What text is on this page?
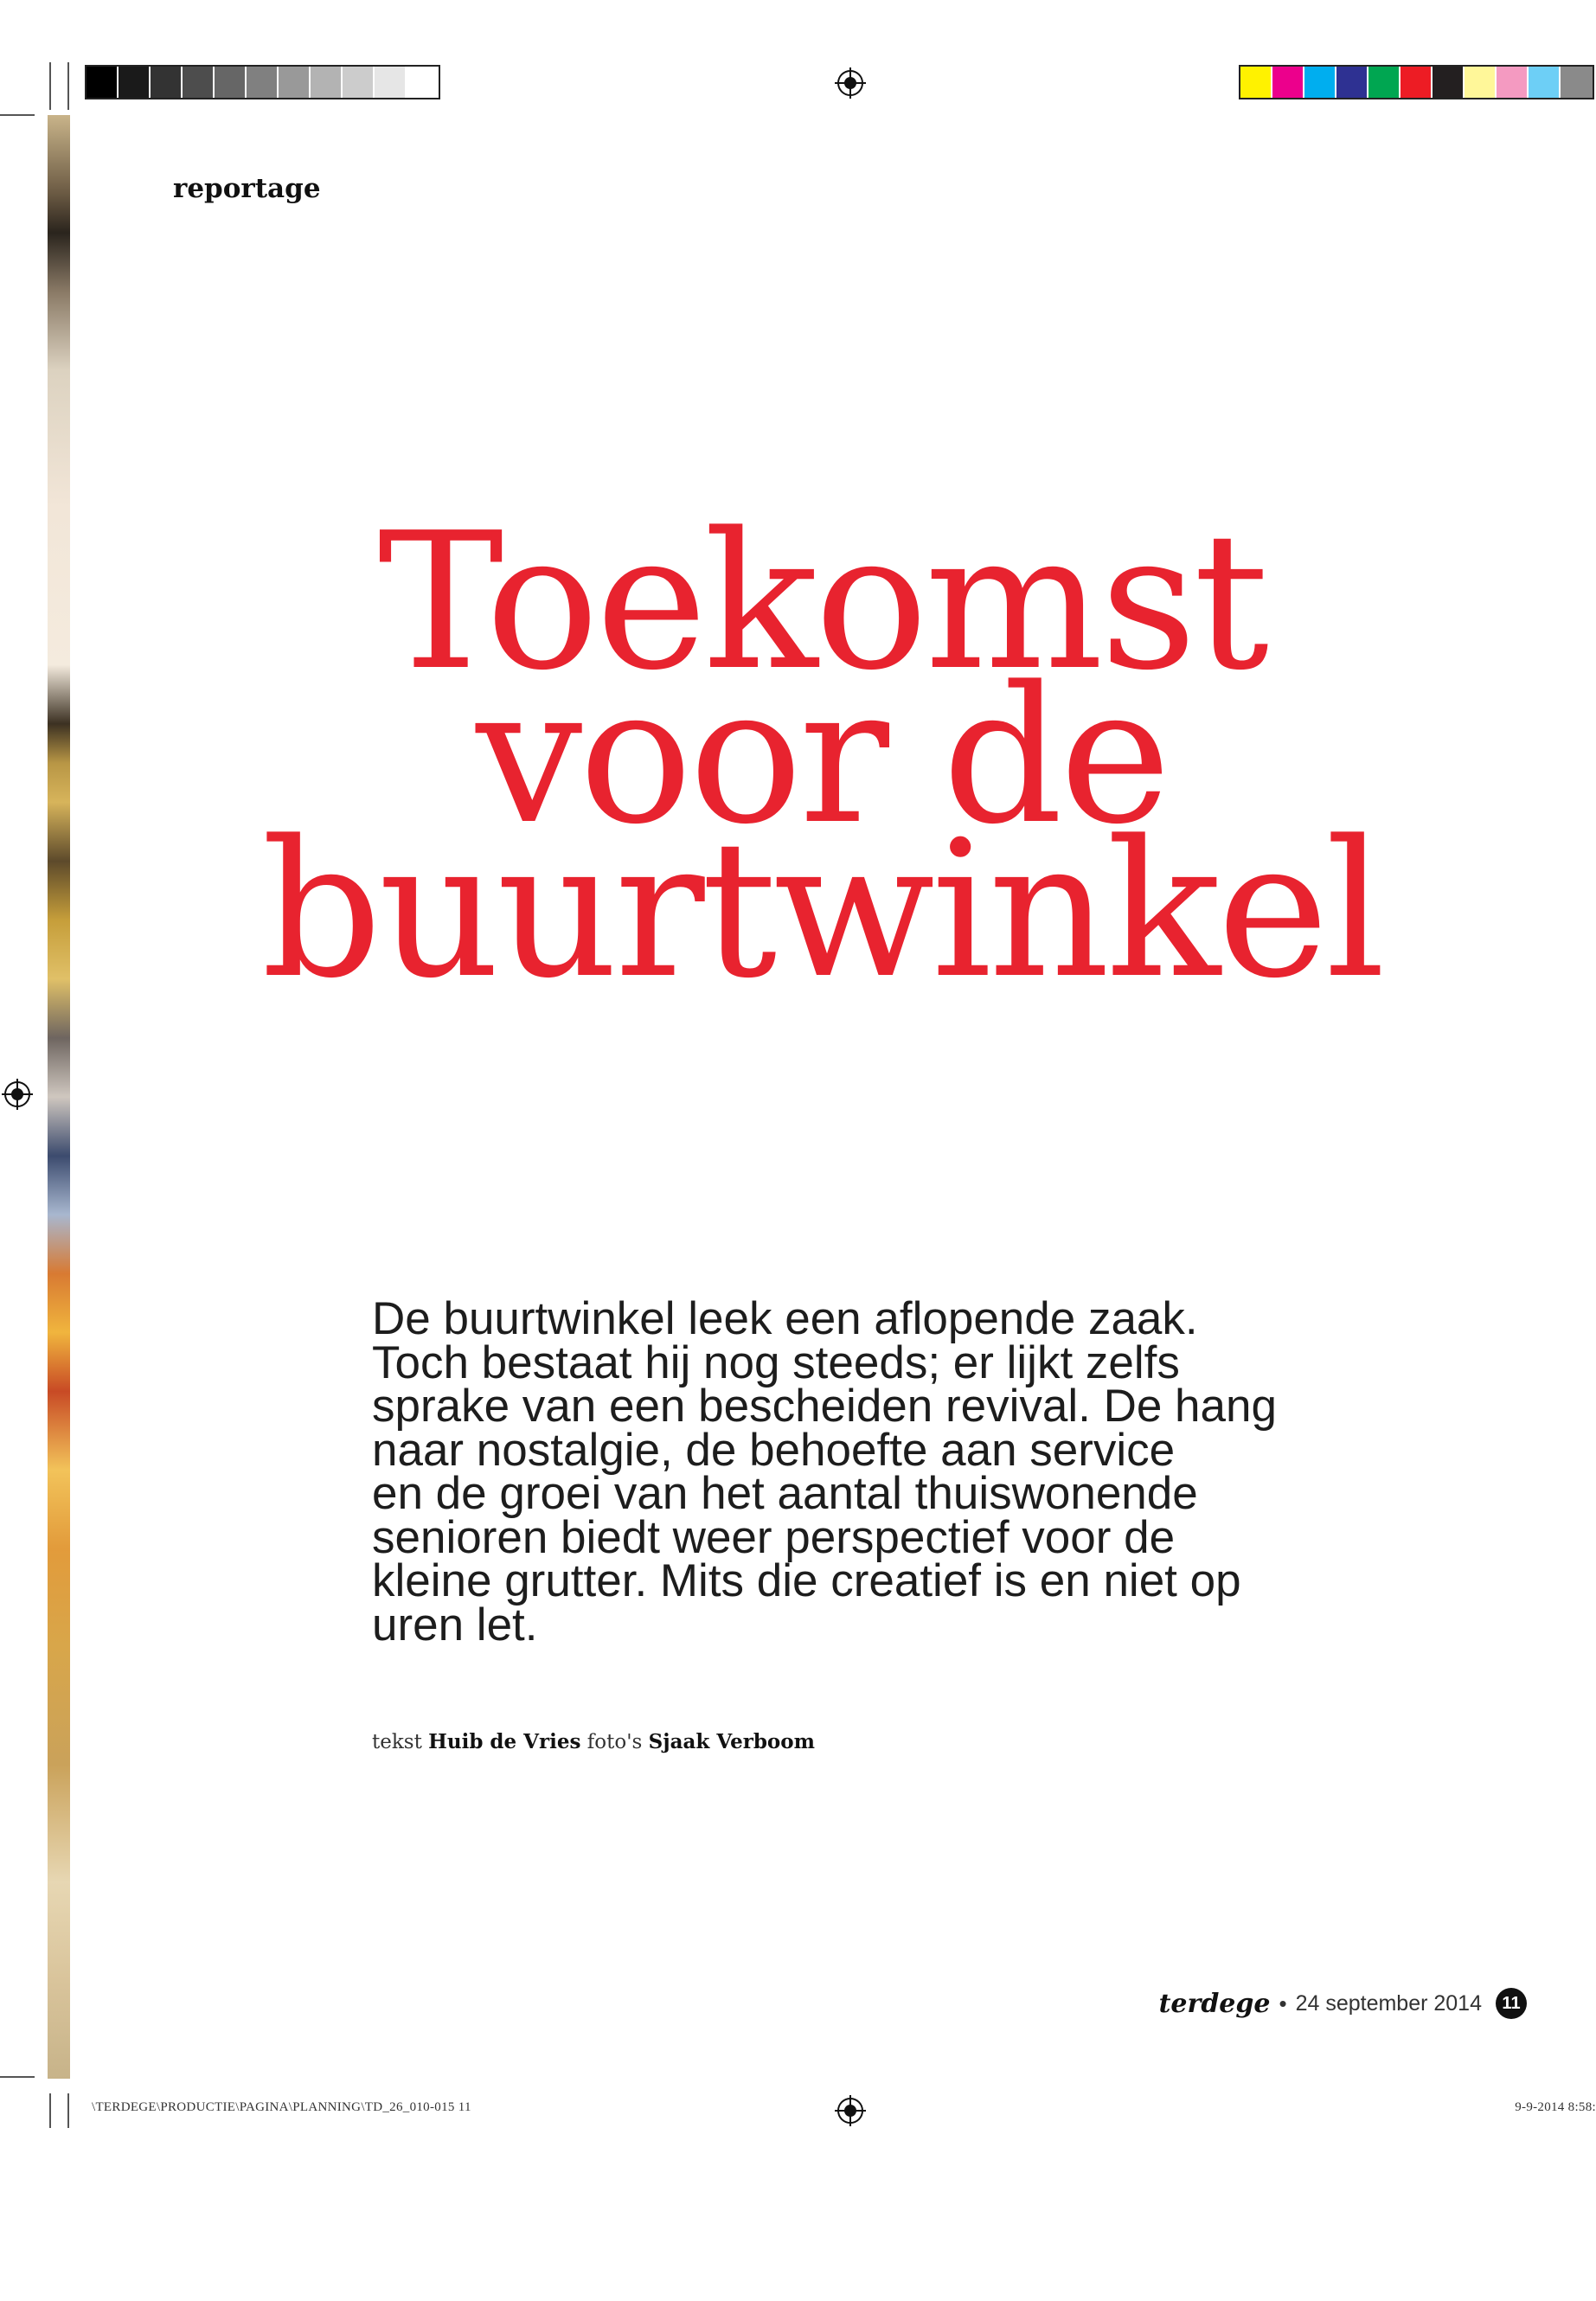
reportage
Toekomst
voor de
buurtwinkel
De buurtwinkel leek een aflopende zaak.
Toch bestaat hij nog steeds; er lijkt zelfs
sprake van een bescheiden revival. De hang
naar nostalgie, de behoefte aan service
en de groei van het aantal thuiswonende
senioren biedt weer perspectief voor de
kleine grutter. Mits die creatief is en niet op
uren let.
tekst Huib de Vries foto's Sjaak Verboom
terdege • 24 september 2014	11
\TERDEGE\PRODUCTIE\PAGINA\PLANNING\TD_26_010-015 11	9-9-2014 8:58:
